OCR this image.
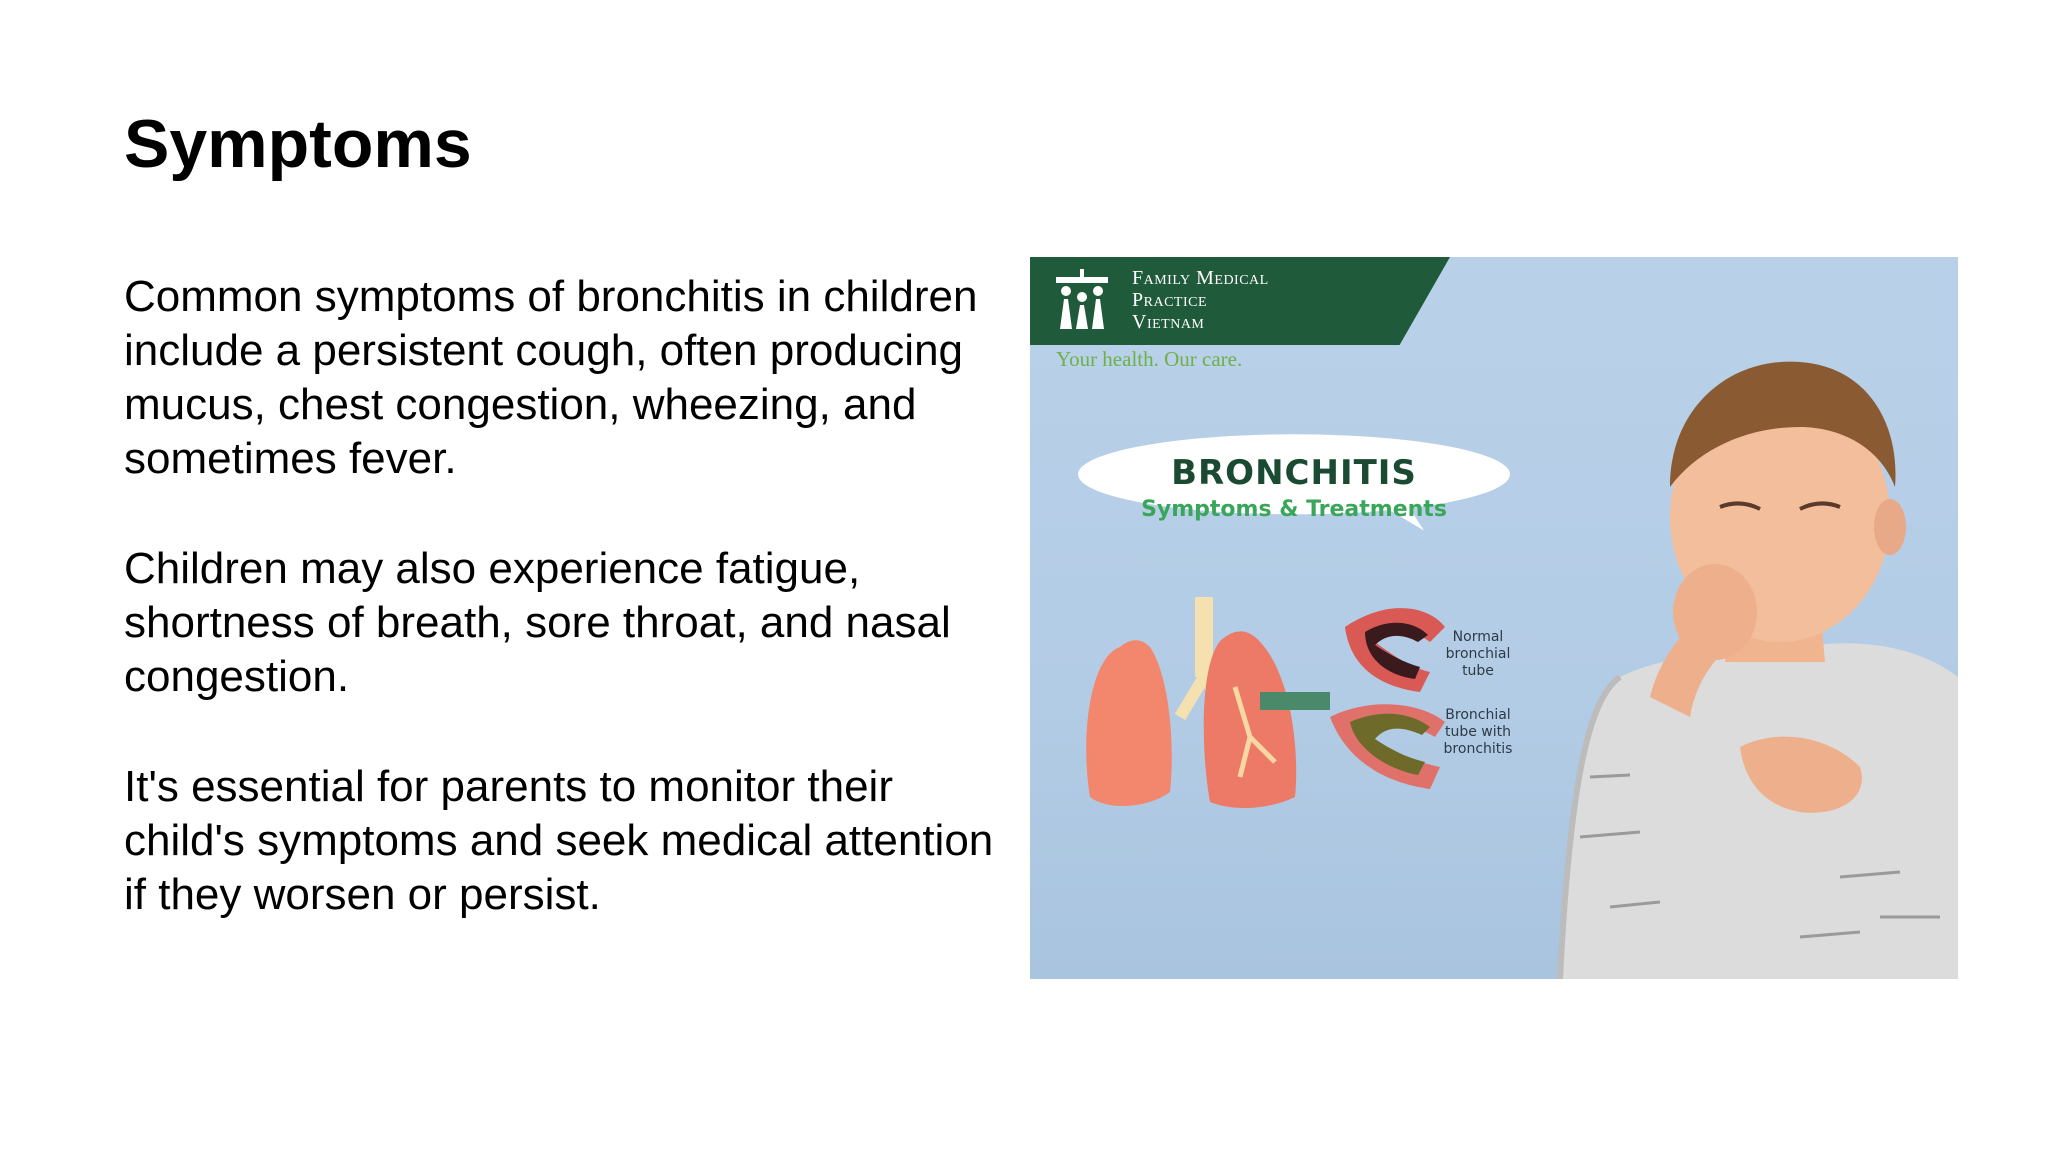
Symptoms

Common symptoms of bronchitis in children include a persistent cough, often producing mucus, chest congestion, wheezing, and sometimes fever.

Children may also experience fatigue, shortness of breath, sore throat, and nasal congestion.

It's essential for parents to monitor their child's symptoms and seek medical attention if they worsen or persist.

Family Medical
Practice
Vietnam
Your health. Our care.
BRONCHITIS
Symptoms & Treatments
Normal bronchial tube
Bronchial tube with bronchitis
